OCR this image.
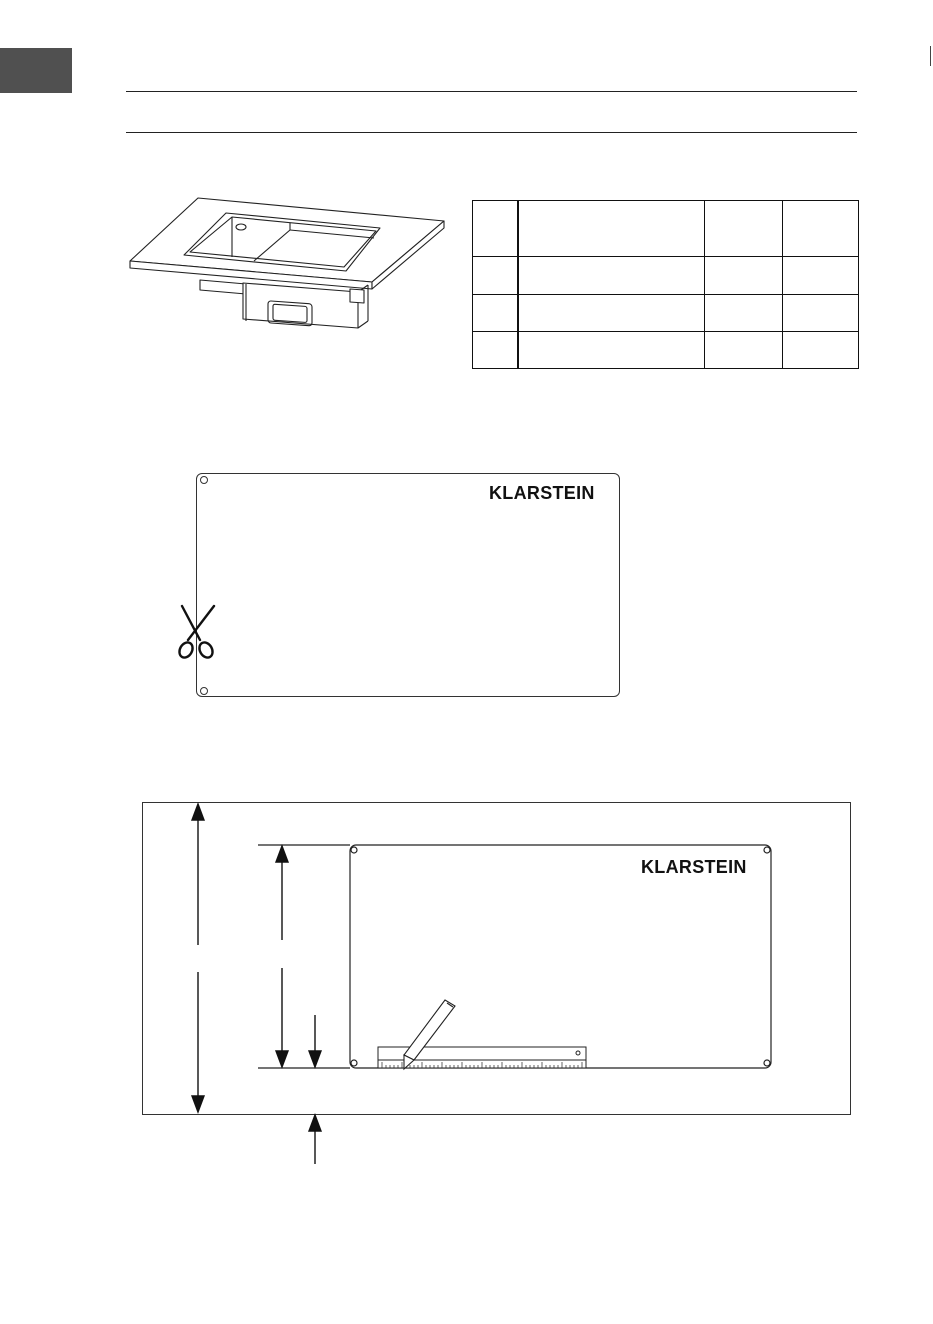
KLARSTEIN
KLARSTEIN
